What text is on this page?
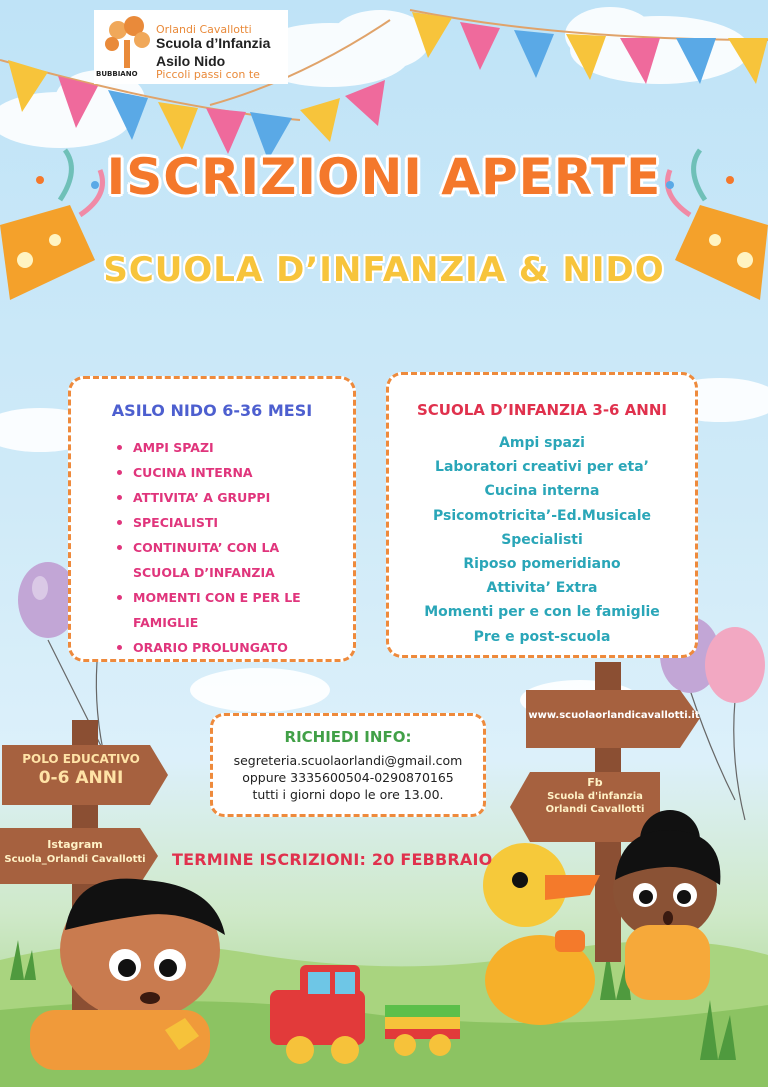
Orlandi Cavallotti
Scuola d’Infanzia
Asilo Nido
Piccoli passi con te
BUBBIANO
ISCRIZIONI APERTE
SCUOLA D’INFANZIA & NIDO
ASILO NIDO 6-36 MESI
AMPI SPAZI
CUCINA INTERNA
ATTIVITA’ A GRUPPI
SPECIALISTI
CONTINUITA’ CON LA
SCUOLA D’INFANZIA
MOMENTI CON E PER LE
FAMIGLIE
ORARIO PROLUNGATO
SCUOLA D’INFANZIA 3-6 ANNI
Ampi spazi
Laboratori creativi per eta’
Cucina interna
Psicomotricita’-Ed.Musicale
Specialisti
Riposo pomeridiano
Attivita’ Extra
Momenti per e con le famiglie
Pre e post-scuola
RICHIEDI INFO:
segreteria.scuolaorlandi@gmail.com
oppure 3335600504-0290870165
tutti i giorni dopo le ore 13.00.
TERMINE ISCRIZIONI: 20 FEBBRAIO
POLO EDUCATIVO
0-6 ANNI
Istagram
Scuola_Orlandi Cavallotti
www.scuolaorlandicavallotti.it
Fb
Scuola d'infanzia
Orlandi Cavallotti
